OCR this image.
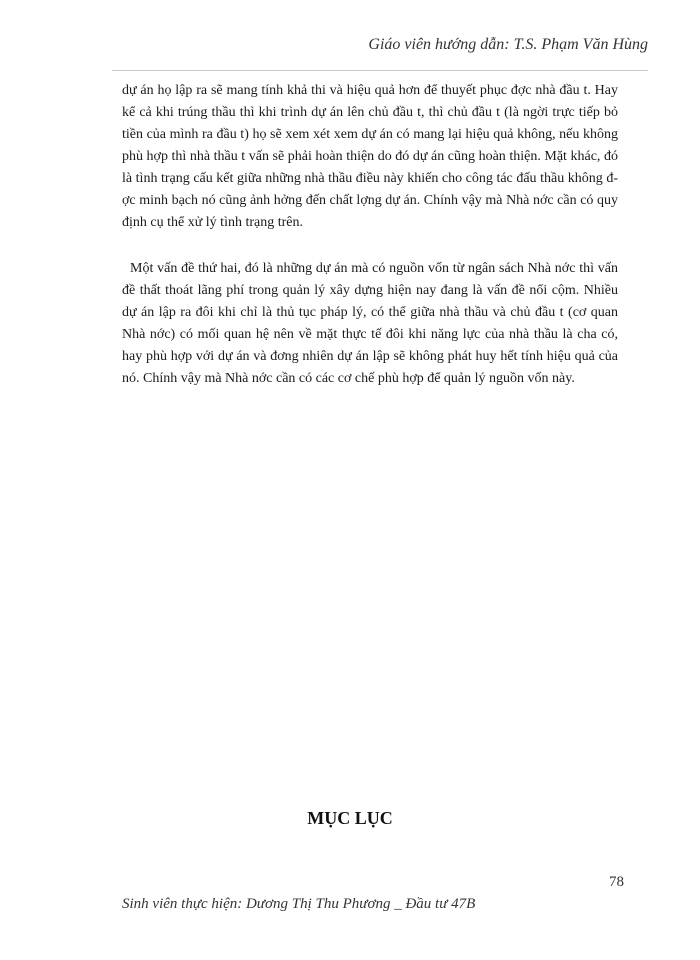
Giáo viên hướng dẫn: T.S. Phạm Văn Hùng
dự án họ lập ra sẽ mang tính khả thi và hiệu quả hơn để thuyết phục đợc nhà đầu t. Hay kể cả khi trúng thầu thì khi trình dự án lên chủ đầu t, thì chủ đầu t (là ngời trực tiếp bỏ tiền của mình ra đầu t) họ sẽ xem xét xem dự án có mang lại hiệu quả không, nếu không phù hợp thì nhà thầu t vấn sẽ phải hoàn thiện do đó dự án cũng hoàn thiện. Mặt khác, đó là tình trạng cấu kết giữa những nhà thầu điều này khiến cho công tác đấu thầu không đợc minh bạch nó cũng ảnh hởng đến chất lợng dự án. Chính vậy mà Nhà nớc cần có quy định cụ thể xử lý tình trạng trên.
Một vấn đề thứ hai, đó là những dự án mà có nguồn vốn từ ngân sách Nhà nớc thì vấn đề thất thoát lãng phí trong quản lý xây dựng hiện nay đang là vấn đề nổi cộm. Nhiều dự án lập ra đôi khi chỉ là thủ tục pháp lý, có thể giữa nhà thầu và chủ đầu t (cơ quan Nhà nớc) có mối quan hệ nên về mặt thực tế đôi khi năng lực của nhà thầu là cha có, hay phù hợp với dự án và đơng nhiên dự án lập sẽ không phát huy hết tính hiệu quả của nó. Chính vậy mà Nhà nớc cần có các cơ chế phù hợp để quản lý nguồn vốn này.
MỤC LỤC
78
Sinh viên thực hiện: Dương Thị Thu Phương _ Đầu tư 47B
